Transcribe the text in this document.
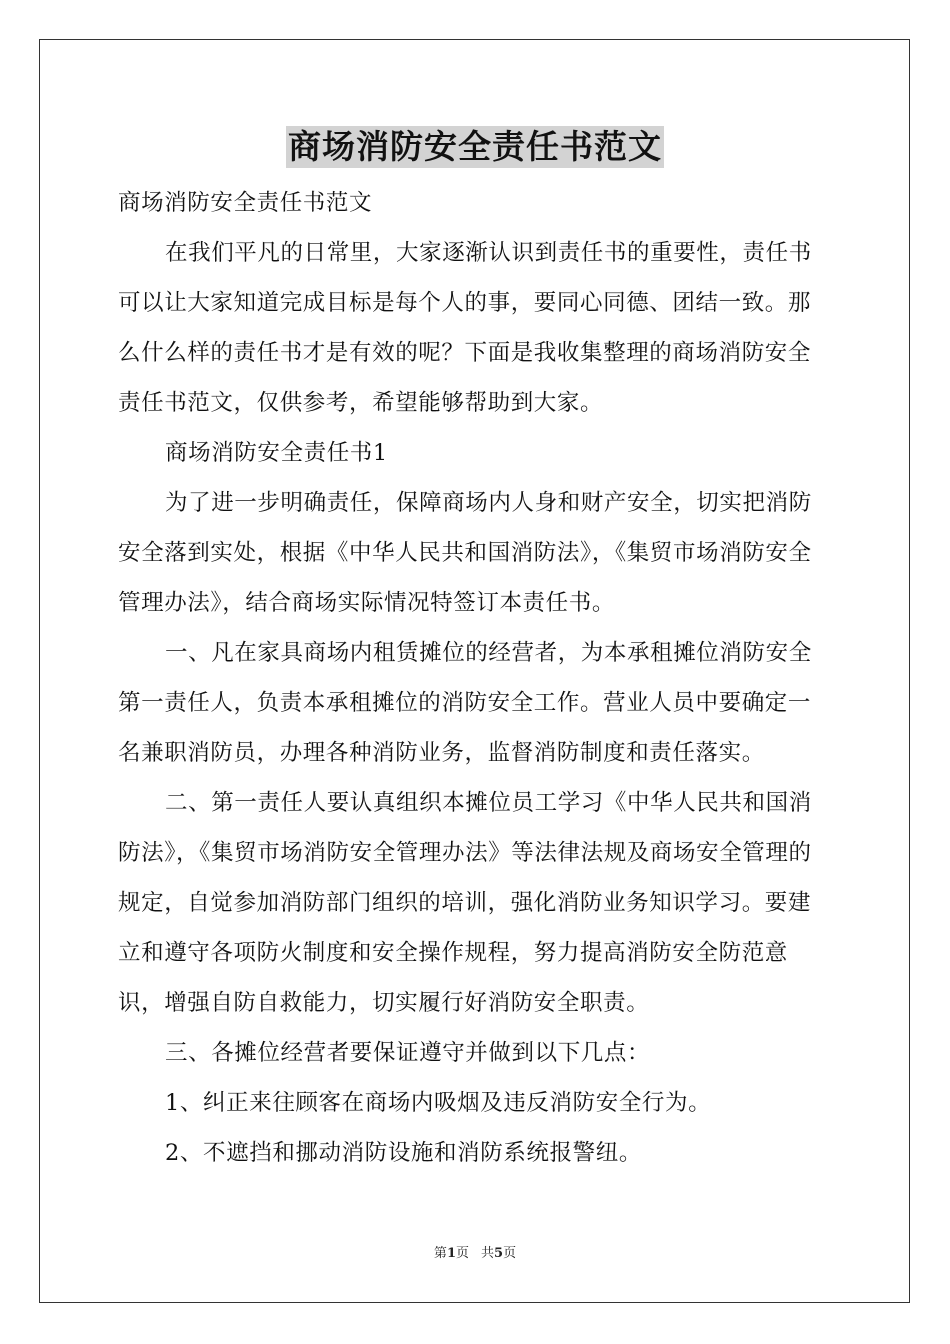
商场消防安全责任书范文

商场消防安全责任书范文

在我们平凡的日常里，大家逐渐认识到责任书的重要性，责任书可以让大家知道完成目标是每个人的事，要同心同德、团结一致。那么什么样的责任书才是有效的呢？下面是我收集整理的商场消防安全责任书范文，仅供参考，希望能够帮助到大家。

商场消防安全责任书1

为了进一步明确责任，保障商场内人身和财产安全，切实把消防安全落到实处，根据《中华人民共和国消防法》，《集贸市场消防安全管理办法》，结合商场实际情况特签订本责任书。

一、凡在家具商场内租赁摊位的经营者，为本承租摊位消防安全第一责任人，负责本承租摊位的消防安全工作。营业人员中要确定一名兼职消防员，办理各种消防业务，监督消防制度和责任落实。

二、第一责任人要认真组织本摊位员工学习《中华人民共和国消防法》，《集贸市场消防安全管理办法》等法律法规及商场安全管理的规定，自觉参加消防部门组织的培训，强化消防业务知识学习。要建立和遵守各项防火制度和安全操作规程，努力提高消防安全防范意识，增强自防自救能力，切实履行好消防安全职责。

三、各摊位经营者要保证遵守并做到以下几点：

1、纠正来往顾客在商场内吸烟及违反消防安全行为。

2、不遮挡和挪动消防设施和消防系统报警纽。

第1页 共5页
